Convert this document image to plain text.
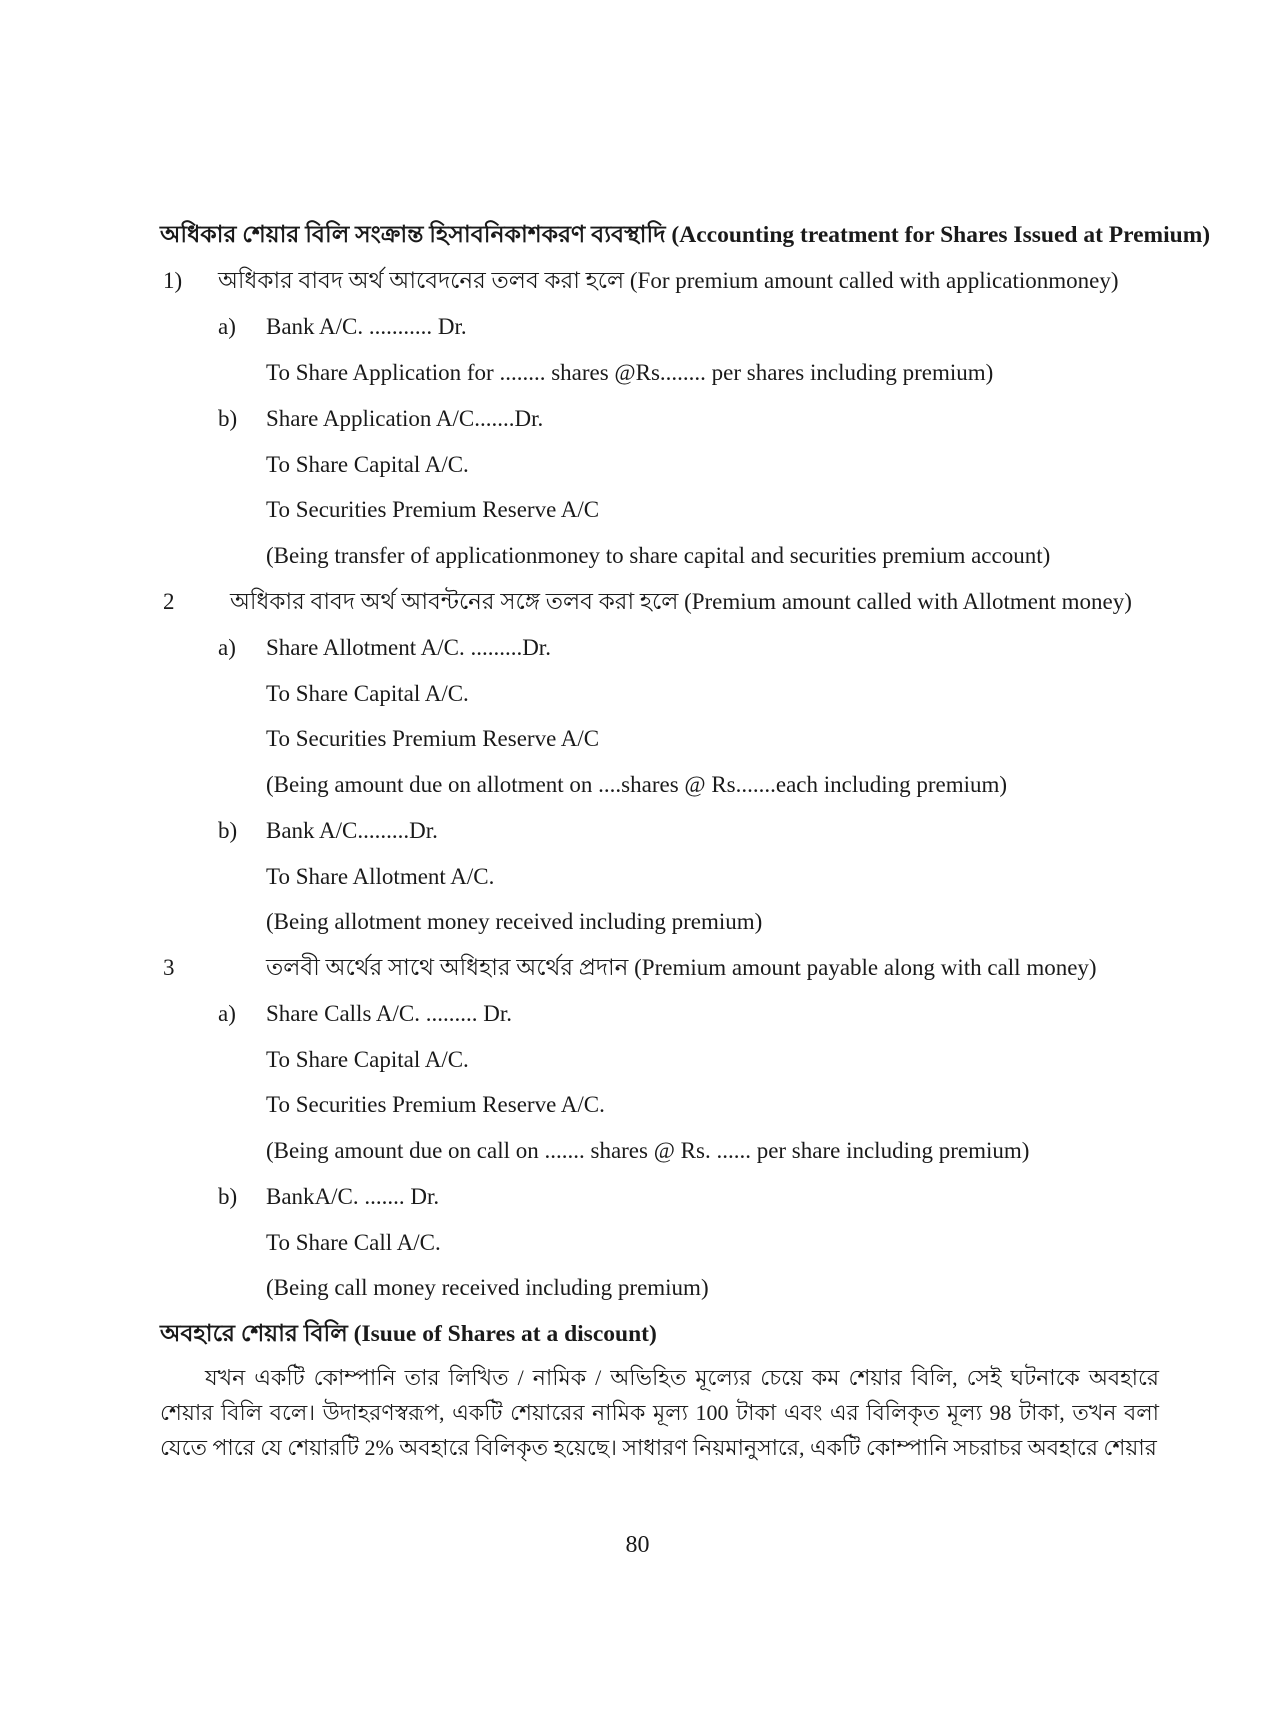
অধিকার শেয়ার বিলি সংক্রান্ত হিসাবনিকাশকরণ ব্যবস্থাদি (Accounting treatment for Shares Issued at Premium)
1) অধিকার বাবদ অর্থ আবেদনের তলব করা হলে (For premium amount called with applicationmoney)
a) Bank A/C. ........... Dr.
To Share Application for ........ shares @Rs........ per shares including premium)
b) Share Application A/C.......Dr.
To Share Capital A/C.
To Securities Premium Reserve A/C
(Being transfer of applicationmoney to share capital and securities premium account)
2 অধিকার বাবদ অর্থ আবন্টনের সঙ্গে তলব করা হলে (Premium amount called with Allotment money)
a) Share Allotment A/C. .........Dr.
To Share Capital A/C.
To Securities Premium Reserve A/C
(Being amount due on allotment on ....shares @ Rs.......each including premium)
b) Bank A/C.........Dr.
To Share Allotment A/C.
(Being allotment money received including premium)
3	তলবী অর্থের সাথে অধিহার অর্থের প্রদান (Premium amount payable along with call money)
a) Share Calls A/C. ......... Dr.
To Share Capital A/C.
To Securities Premium Reserve A/C.
(Being amount due on call on ....... shares @ Rs. ...... per share including premium)
b) BankA/C. ....... Dr.
To Share Call A/C.
(Being call money received including premium)
অবহারে শেয়ার বিলি (Isuue of Shares at a discount)
যখন একটি কোম্পানি তার লিখিত / নামিক / অভিহিত মূল্যের চেয়ে কম শেয়ার বিলি, সেই ঘটনাকে অবহারে শেয়ার বিলি বলে। উদাহরণস্বরূপ, একটি শেয়ারের নামিক মূল্য 100 টাকা এবং এর বিলিকৃত মূল্য 98 টাকা, তখন বলা যেতে পারে যে শেয়ারটি 2% অবহারে বিলিকৃত হয়েছে। সাধারণ নিয়মানুসারে, একটি কোম্পানি সচরাচর অবহারে শেয়ার
80
